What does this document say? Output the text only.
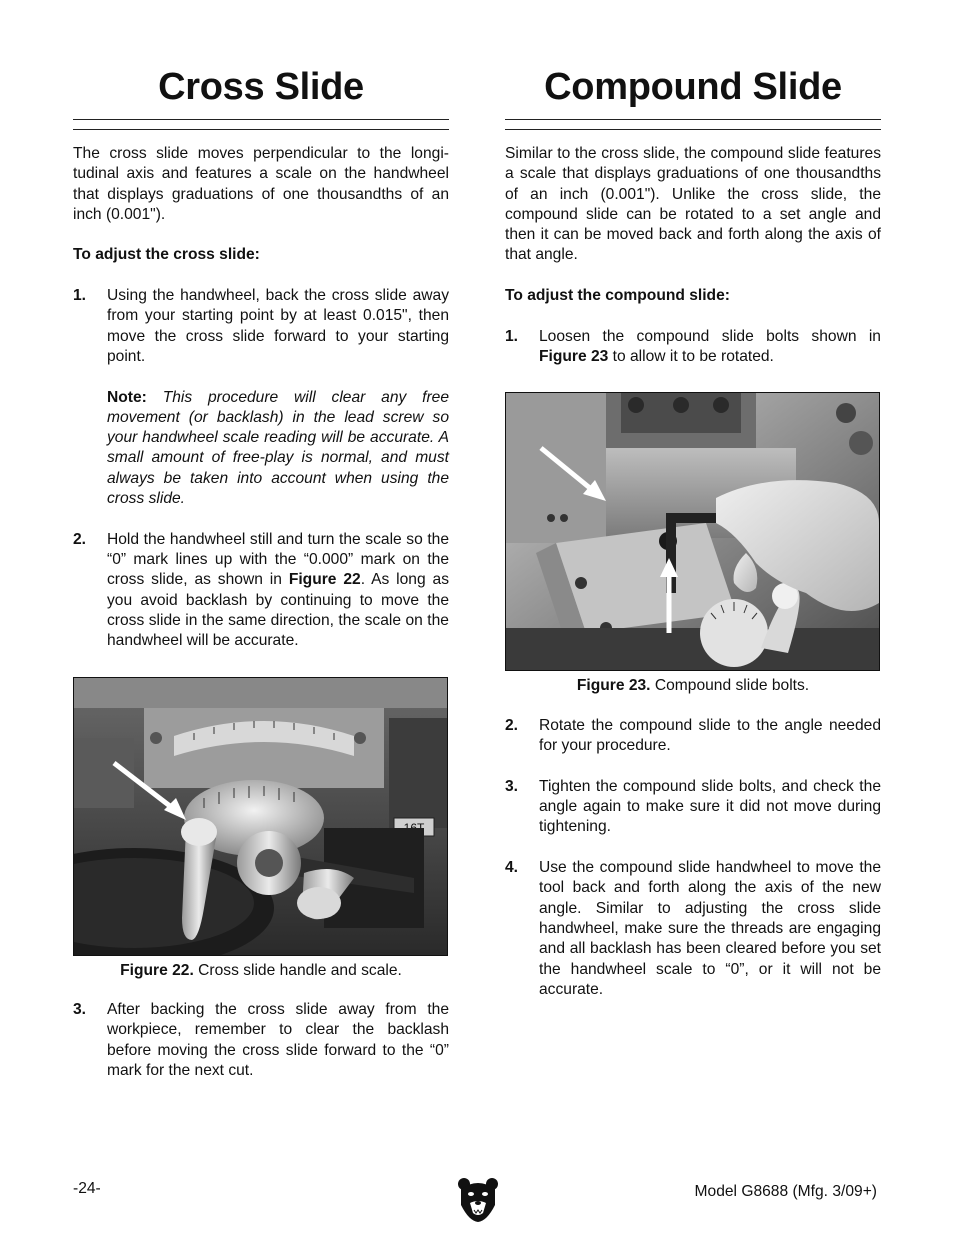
Cross Slide

The cross slide moves perpendicular to the longitudinal axis and features a scale on the handwheel that displays graduations of one thousandths of an inch (0.001").

To adjust the cross slide:

1.	Using the handwheel, back the cross slide away from your starting point by at least 0.015", then move the cross slide forward to your starting point.
Note: This procedure will clear any free movement (or backlash) in the lead screw so your handwheel scale reading will be accurate. A small amount of free-play is normal, and must always be taken into account when using the cross slide.
2.	Hold the handwheel still and turn the scale so the “0” mark lines up with the “0.000” mark on the cross slide, as shown in Figure 22. As long as you avoid backlash by continuing to move the cross slide in the same direction, the scale on the handwheel will be accurate.
Figure 22. Cross slide handle and scale.
3.	After backing the cross slide away from the workpiece, remember to clear the backlash before moving the cross slide forward to the “0” mark for the next cut.
Compound Slide

Similar to the cross slide, the compound slide features a scale that displays graduations of one thousandths of an inch (0.001"). Unlike the cross slide, the compound slide can be rotated to a set angle and then it can be moved back and forth along the axis of that angle.

To adjust the compound slide:

1.	Loosen the compound slide bolts shown in Figure 23 to allow it to be rotated.
Figure 23. Compound slide bolts.
2.	Rotate the compound slide to the angle needed for your procedure.
3.	Tighten the compound slide bolts, and check the angle again to make sure it did not move during tightening.
4.	Use the compound slide handwheel to move the tool back and forth along the axis of the new angle. Similar to adjusting the cross slide handwheel, make sure the threads are engaging and all backlash has been cleared before you set the handwheel scale to “0”, or it will not be accurate.
-24-	Model G8688 (Mfg. 3/09+)
